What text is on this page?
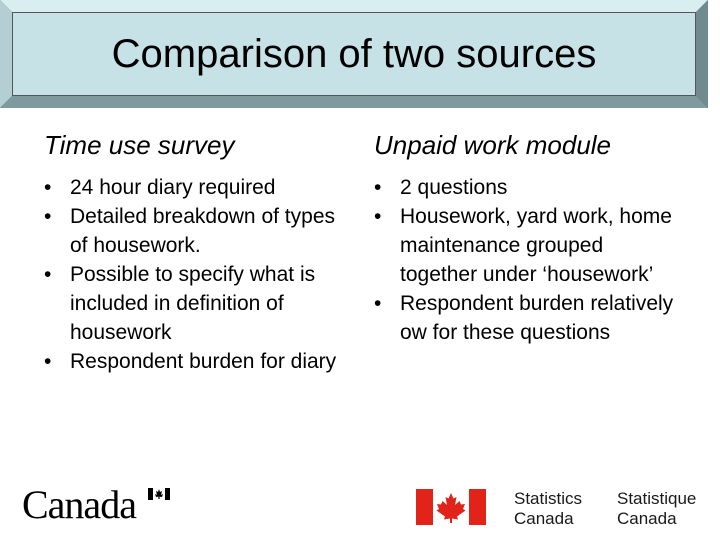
Comparison of two sources
Time use survey
• 24 hour diary required
• Detailed breakdown of types of housework.
• Possible to specify what is included in definition of housework
• Respondent burden for diary
Unpaid work module
• 2 questions
• Housework, yard work, home maintenance grouped together under ‘housework’
• Respondent burden relatively ow for these questions
Canada	Statistics
Canada
Statistique
Canada
